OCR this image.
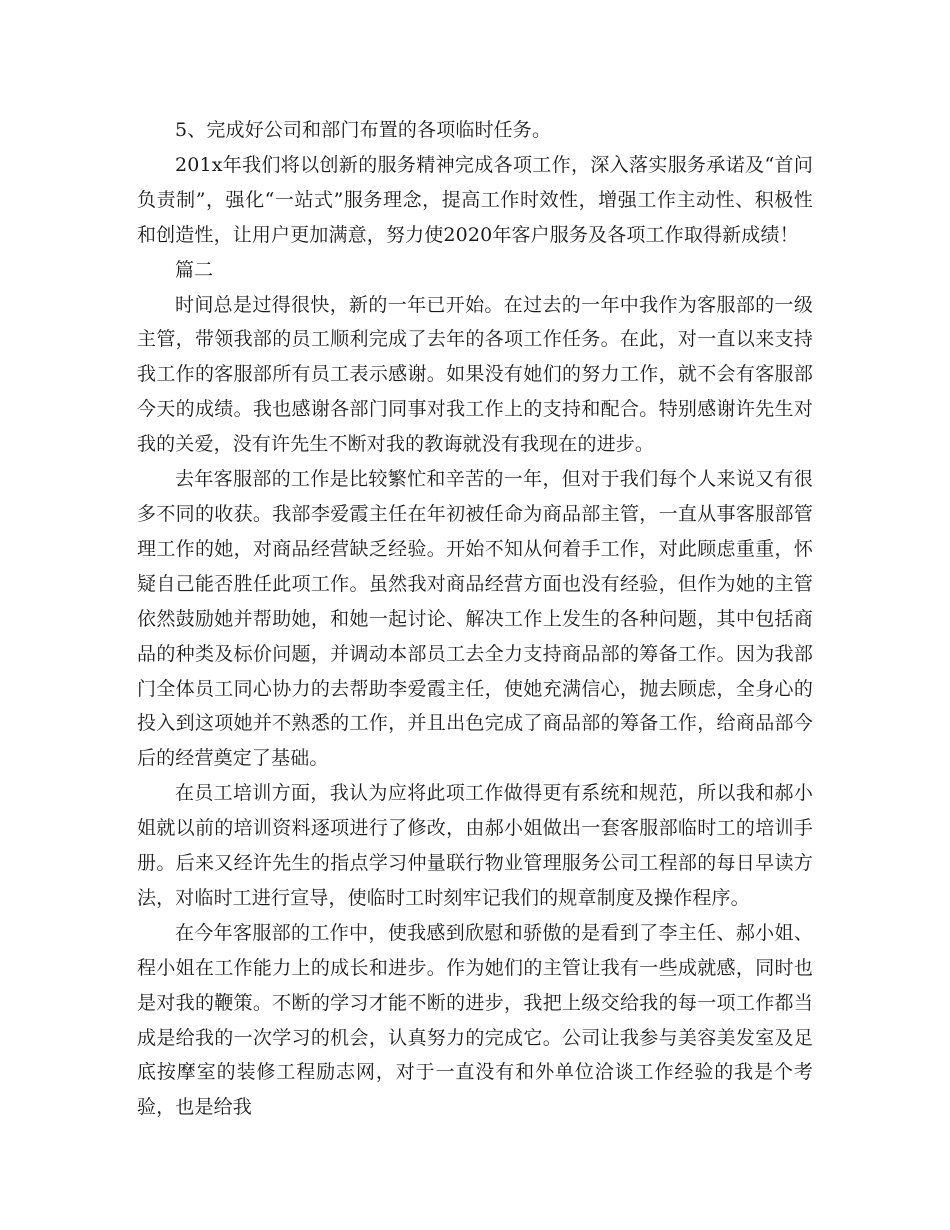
5、完成好公司和部门布置的各项临时任务。

201x年我们将以创新的服务精神完成各项工作，深入落实服务承诺及“首问负责制”，强化“一站式”服务理念，提高工作时效性，增强工作主动性、积极性和创造性，让用户更加满意，努力使2020年客户服务及各项工作取得新成绩！

篇二

时间总是过得很快，新的一年已开始。在过去的一年中我作为客服部的一级主管，带领我部的员工顺利完成了去年的各项工作任务。在此，对一直以来支持我工作的客服部所有员工表示感谢。如果没有她们的努力工作，就不会有客服部今天的成绩。我也感谢各部门同事对我工作上的支持和配合。特别感谢许先生对我的关爱，没有许先生不断对我的教诲就没有我现在的进步。

去年客服部的工作是比较繁忙和辛苦的一年，但对于我们每个人来说又有很多不同的收获。我部李爱霞主任在年初被任命为商品部主管，一直从事客服部管理工作的她，对商品经营缺乏经验。开始不知从何着手工作，对此顾虑重重，怀疑自己能否胜任此项工作。虽然我对商品经营方面也没有经验，但作为她的主管依然鼓励她并帮助她，和她一起讨论、解决工作上发生的各种问题，其中包括商品的种类及标价问题，并调动本部员工去全力支持商品部的筹备工作。因为我部门全体员工同心协力的去帮助李爱霞主任，使她充满信心，抛去顾虑，全身心的投入到这项她并不熟悉的工作，并且出色完成了商品部的筹备工作，给商品部今后的经营奠定了基础。

在员工培训方面，我认为应将此项工作做得更有系统和规范，所以我和郝小姐就以前的培训资料逐项进行了修改，由郝小姐做出一套客服部临时工的培训手册。后来又经许先生的指点学习仲量联行物业管理服务公司工程部的每日早读方法，对临时工进行宣导，使临时工时刻牢记我们的规章制度及操作程序。

在今年客服部的工作中，使我感到欣慰和骄傲的是看到了李主任、郝小姐、程小姐在工作能力上的成长和进步。作为她们的主管让我有一些成就感，同时也是对我的鞭策。不断的学习才能不断的进步，我把上级交给我的每一项工作都当成是给我的一次学习的机会，认真努力的完成它。公司让我参与美容美发室及足底按摩室的装修工程励志网，对于一直没有和外单位洽谈工作经验的我是个考验，也是给我
